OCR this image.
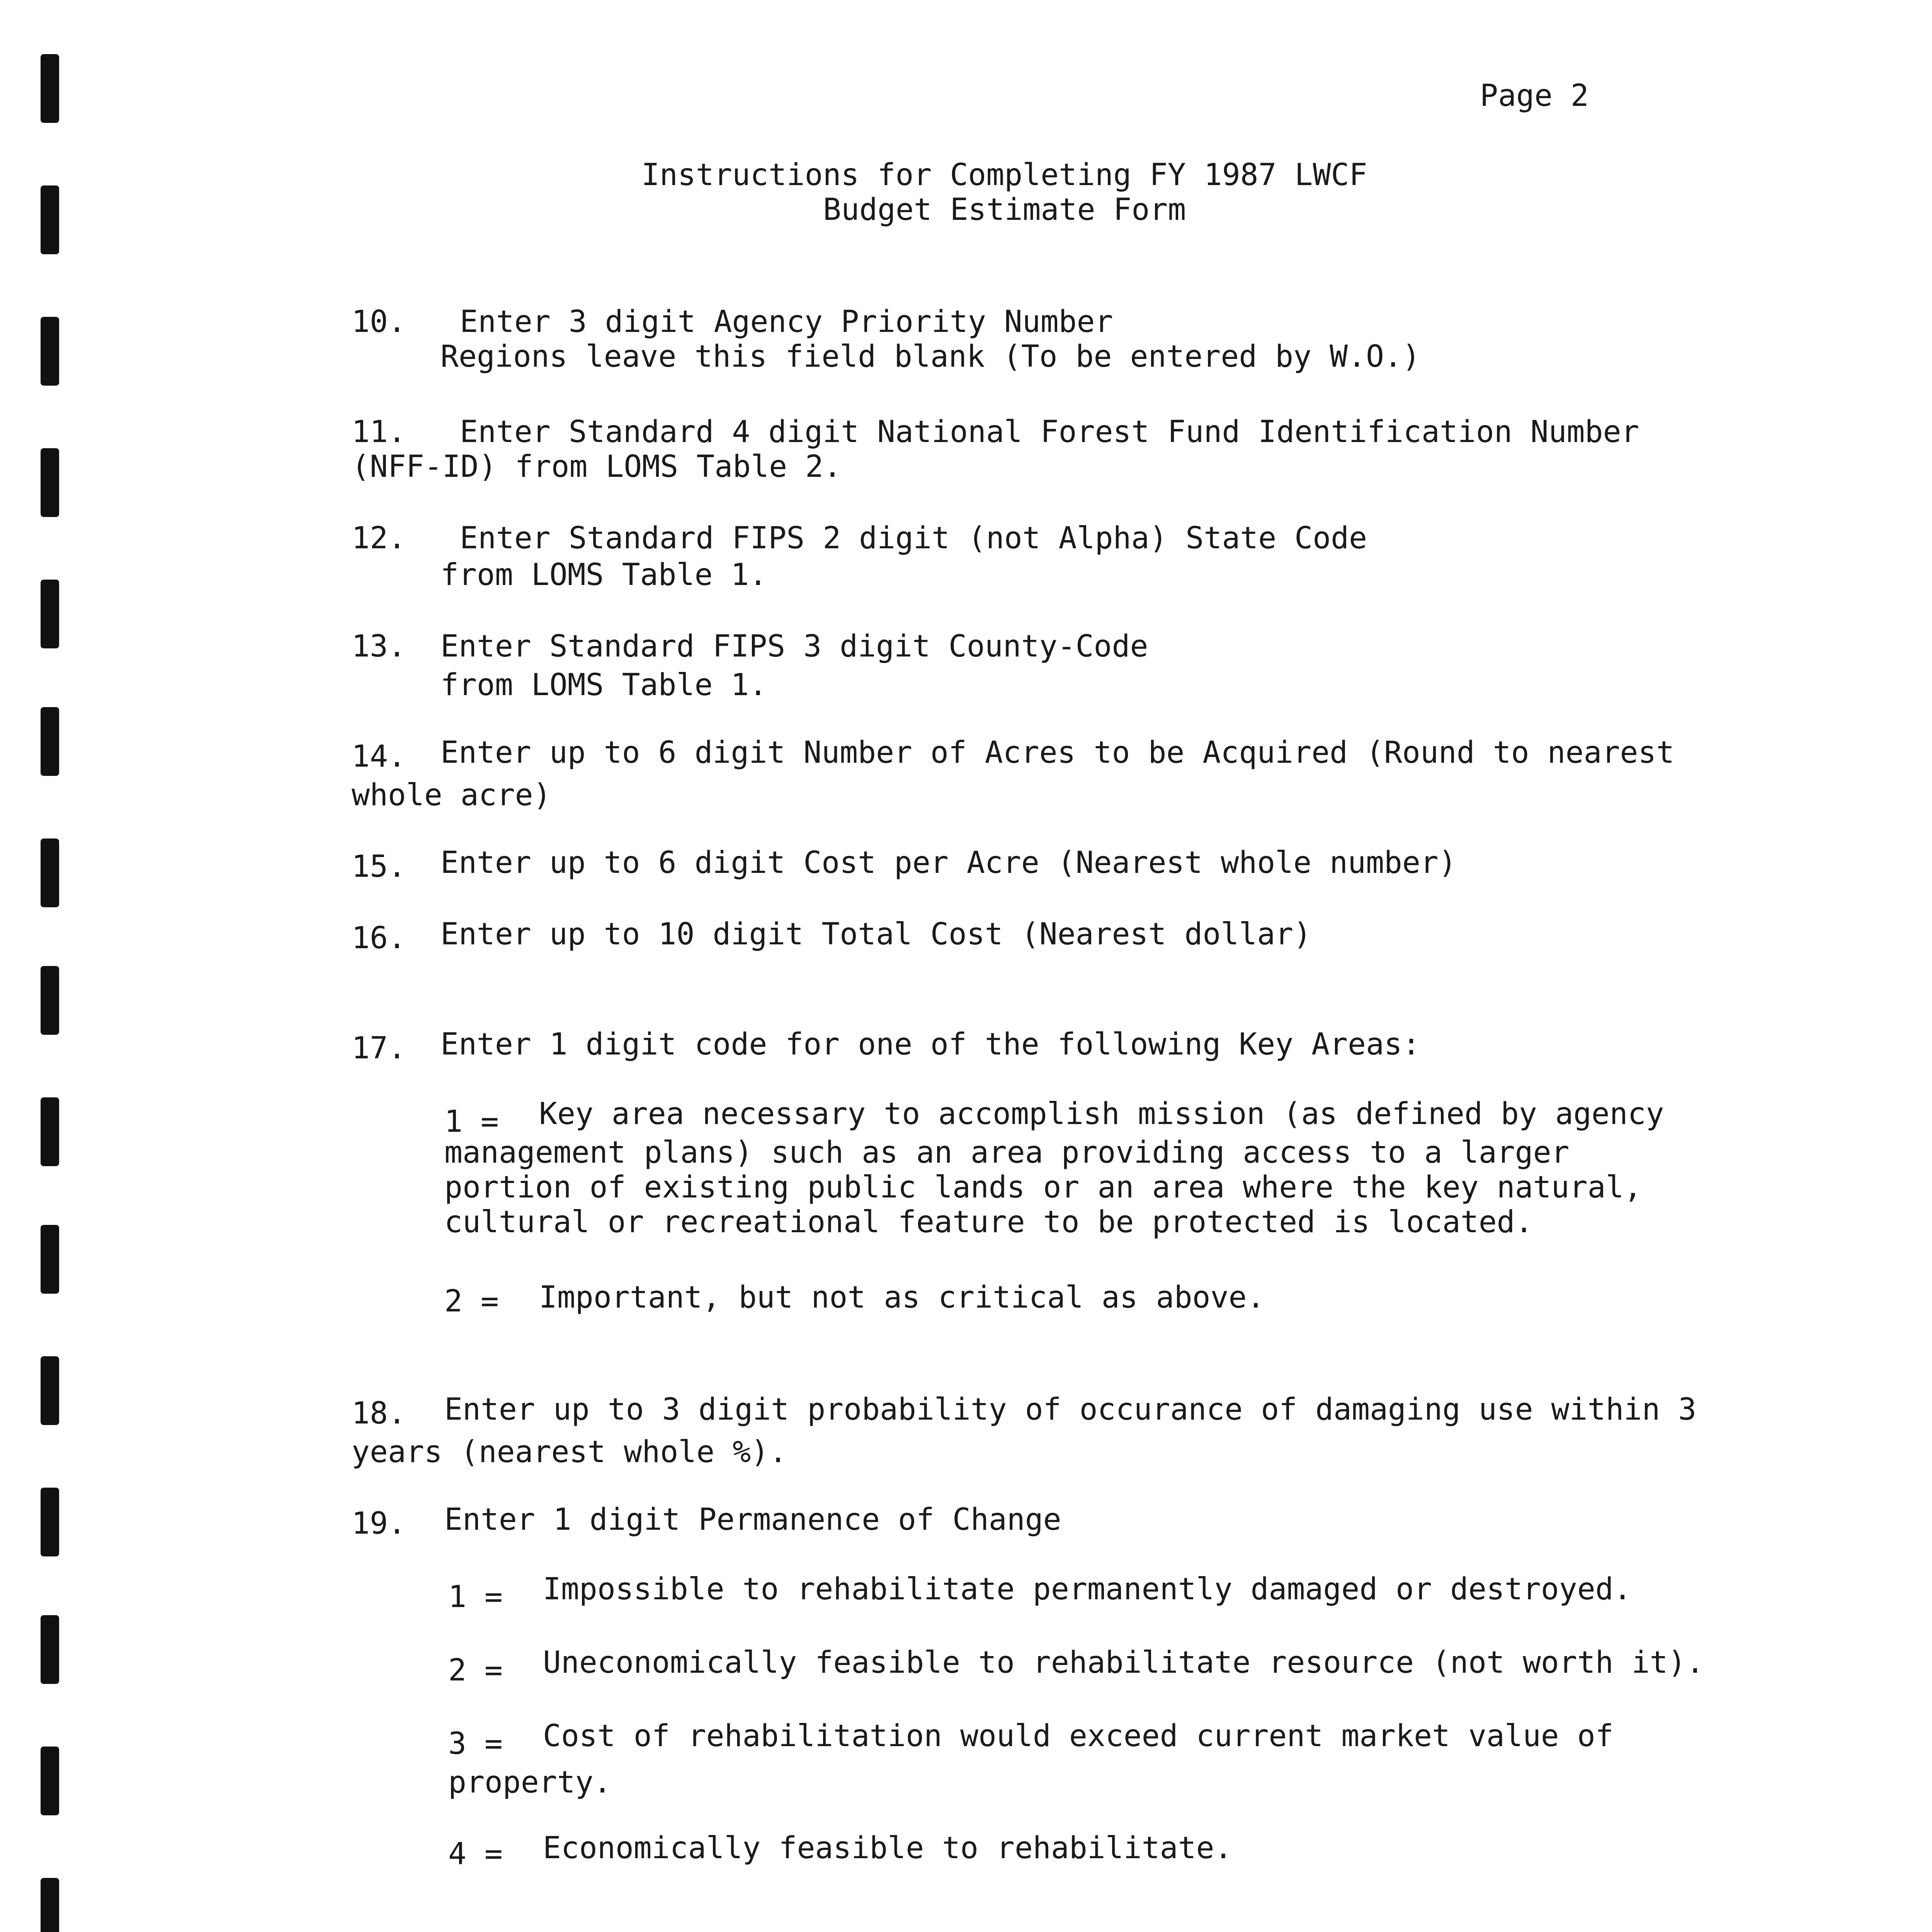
Page 2
Instructions for Completing FY 1987 LWCF
Budget Estimate Form
10. Enter 3 digit Agency Priority Number
Regions leave this field blank (To be entered by W.O.)
11. Enter Standard 4 digit National Forest Fund Identification Number
(NFF-ID) from LOMS Table 2.
12. Enter Standard FIPS 2 digit (not Alpha) State Code
from LOMS Table 1.
13. Enter Standard FIPS 3 digit County-Code
from LOMS Table 1.
14. Enter up to 6 digit Number of Acres to be Acquired (Round to nearest
whole acre)
15. Enter up to 6 digit Cost per Acre (Nearest whole number)
16. Enter up to 10 digit Total Cost (Nearest dollar)
17. Enter 1 digit code for one of the following Key Areas:
1 = Key area necessary to accomplish mission (as defined by agency
management plans) such as an area providing access to a larger
portion of existing public lands or an area where the key natural,
cultural or recreational feature to be protected is located.
2 = Important, but not as critical as above.
18. Enter up to 3 digit probability of occurance of damaging use within 3
years (nearest whole %).
19. Enter 1 digit Permanence of Change
1 = Impossible to rehabilitate permanently damaged or destroyed.
2 = Uneconomically feasible to rehabilitate resource (not worth it).
3 = Cost of rehabilitation would exceed current market value of
property.
4 = Economically feasible to rehabilitate.
